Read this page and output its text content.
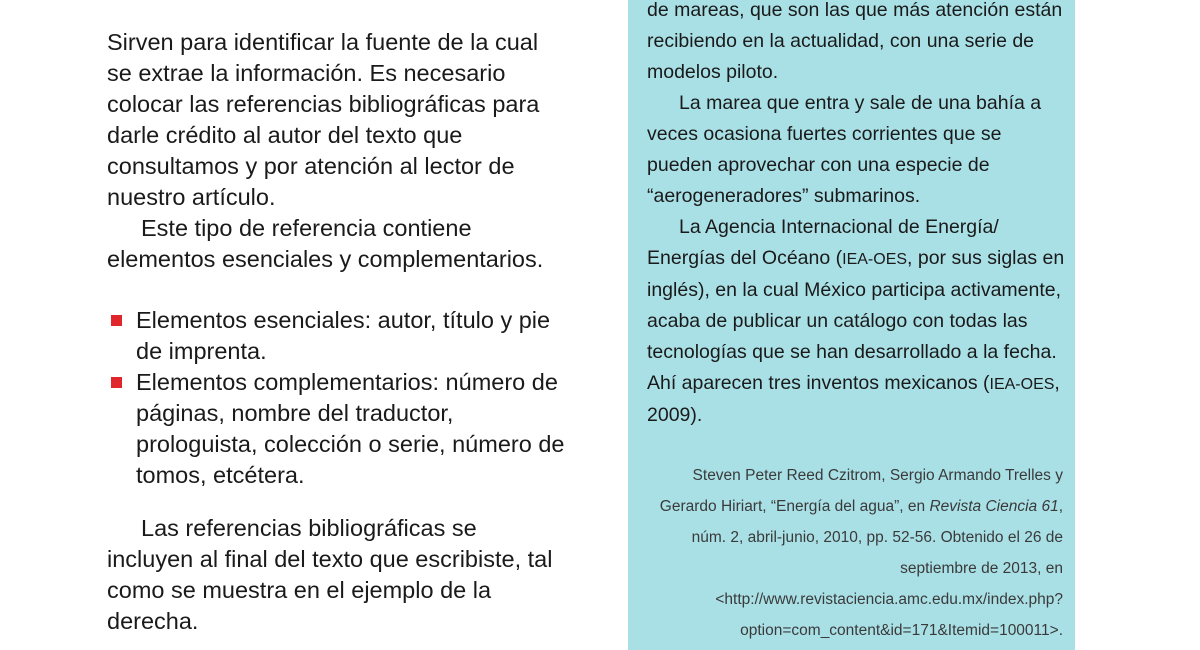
Sirven para identificar la fuente de la cual se extrae la información. Es necesario colocar las referencias bibliográficas para darle crédito al autor del texto que consultamos y por atención al lector de nuestro artículo.

Este tipo de referencia contiene elementos esenciales y complementarios.

Elementos esenciales: autor, título y pie de imprenta.
Elementos complementarios: número de páginas, nombre del traductor, prologuista, colección o serie, número de tomos, etcétera.

Las referencias bibliográficas se incluyen al final del texto que escribiste, tal como se muestra en el ejemplo de la derecha.

de mareas, que son las que más atención están recibiendo en la actualidad, con una serie de modelos piloto.

La marea que entra y sale de una bahía a veces ocasiona fuertes corrientes que se pueden aprovechar con una especie de “aerogeneradores” submarinos.

La Agencia Internacional de Energía/ Energías del Océano (IEA-OES, por sus siglas en inglés), en la cual México participa activamente, acaba de publicar un catálogo con todas las tecnologías que se han desarrollado a la fecha. Ahí aparecen tres inventos mexicanos (IEA-OES, 2009).

Steven Peter Reed Czitrom, Sergio Armando Trelles y Gerardo Hiriart, “Energía del agua”, en Revista Ciencia 61, núm. 2, abril-junio, 2010, pp. 52-56. Obtenido el 26 de septiembre de 2013, en <http://www.revistaciencia.amc.edu.mx/index.php?option=com_content&id=171&Itemid=100011>.
